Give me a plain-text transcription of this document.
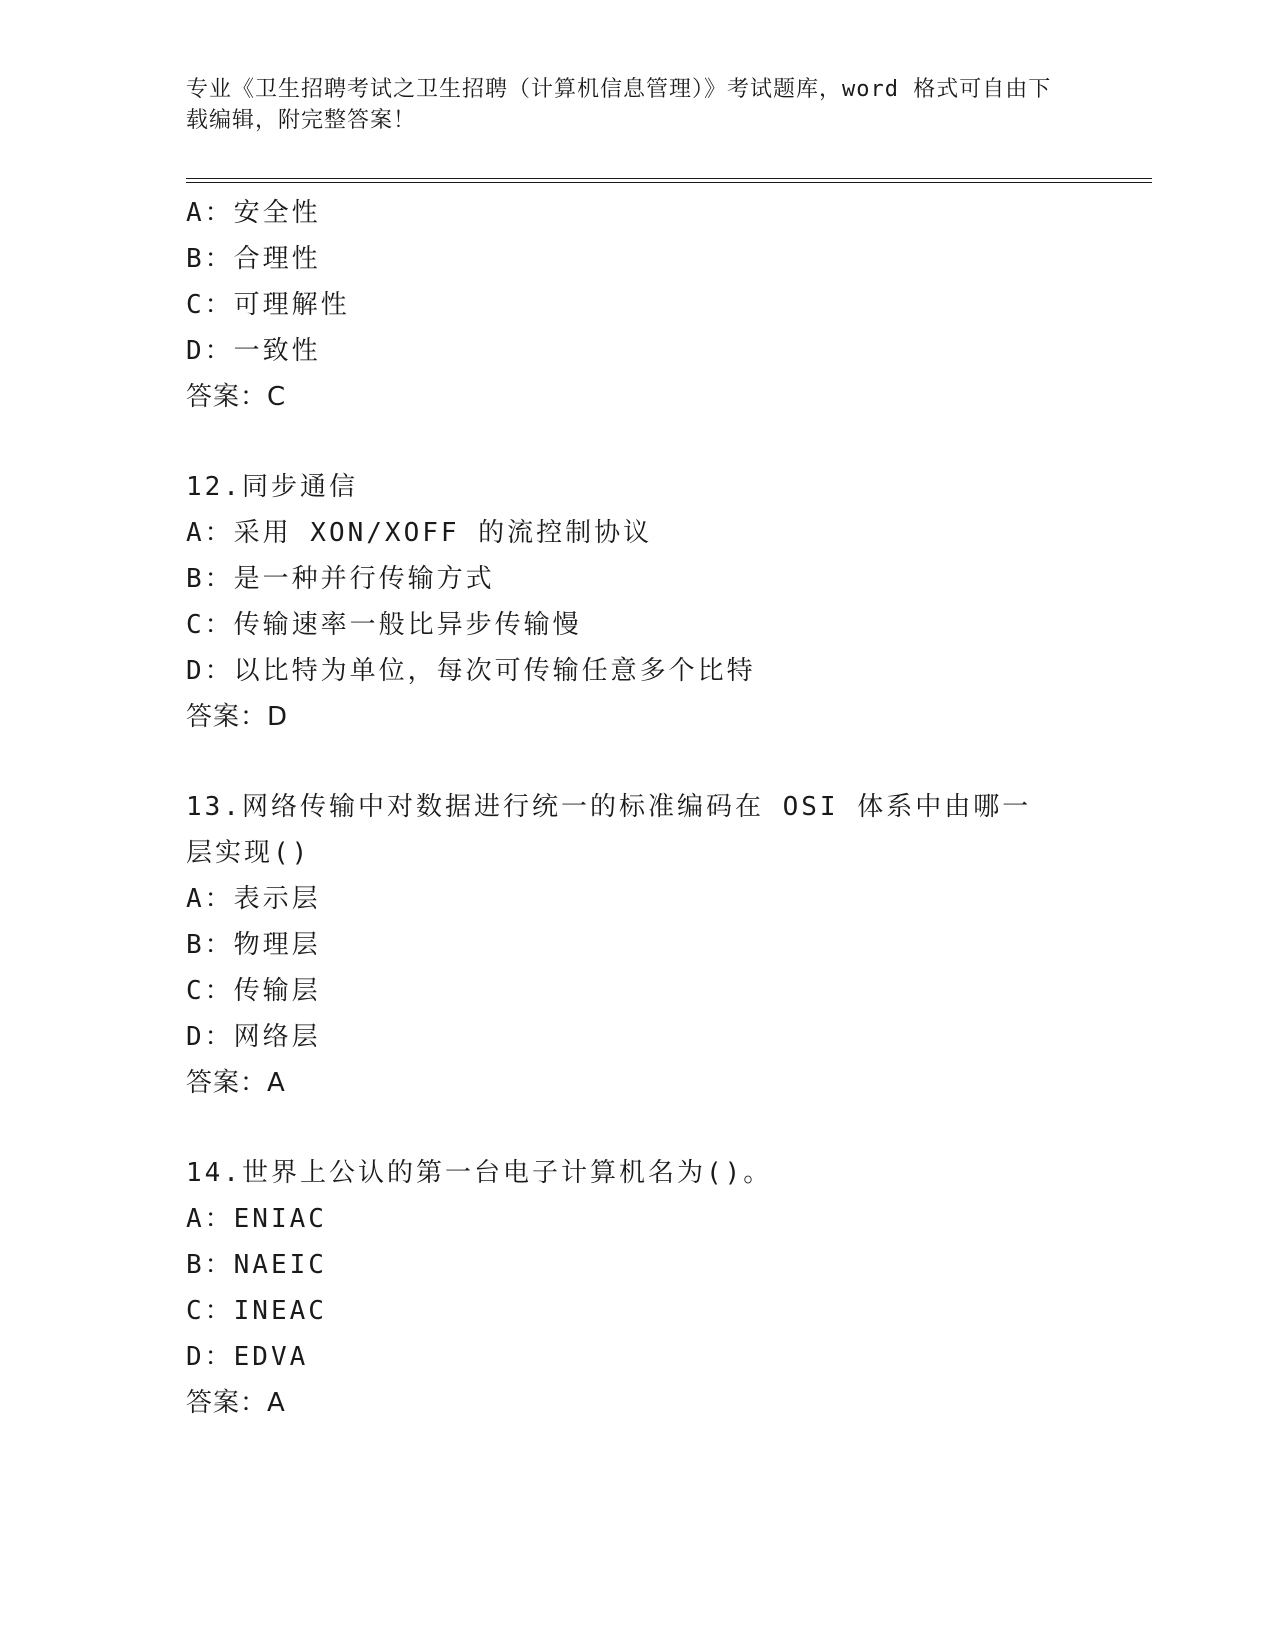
专业《卫生招聘考试之卫生招聘（计算机信息管理）》考试题库，word 格式可自由下载编辑，附完整答案！
A：安全性
B：合理性
C：可理解性
D：一致性
答案：C
12.同步通信
A：采用 XON/XOFF 的流控制协议
B：是一种并行传输方式
C：传输速率一般比异步传输慢
D：以比特为单位，每次可传输任意多个比特
答案：D
13.网络传输中对数据进行统一的标准编码在 OSI 体系中由哪一层实现()
A：表示层
B：物理层
C：传输层
D：网络层
答案：A
14.世界上公认的第一台电子计算机名为()。
A：ENIAC
B：NAEIC
C：INEAC
D：EDVA
答案：A
